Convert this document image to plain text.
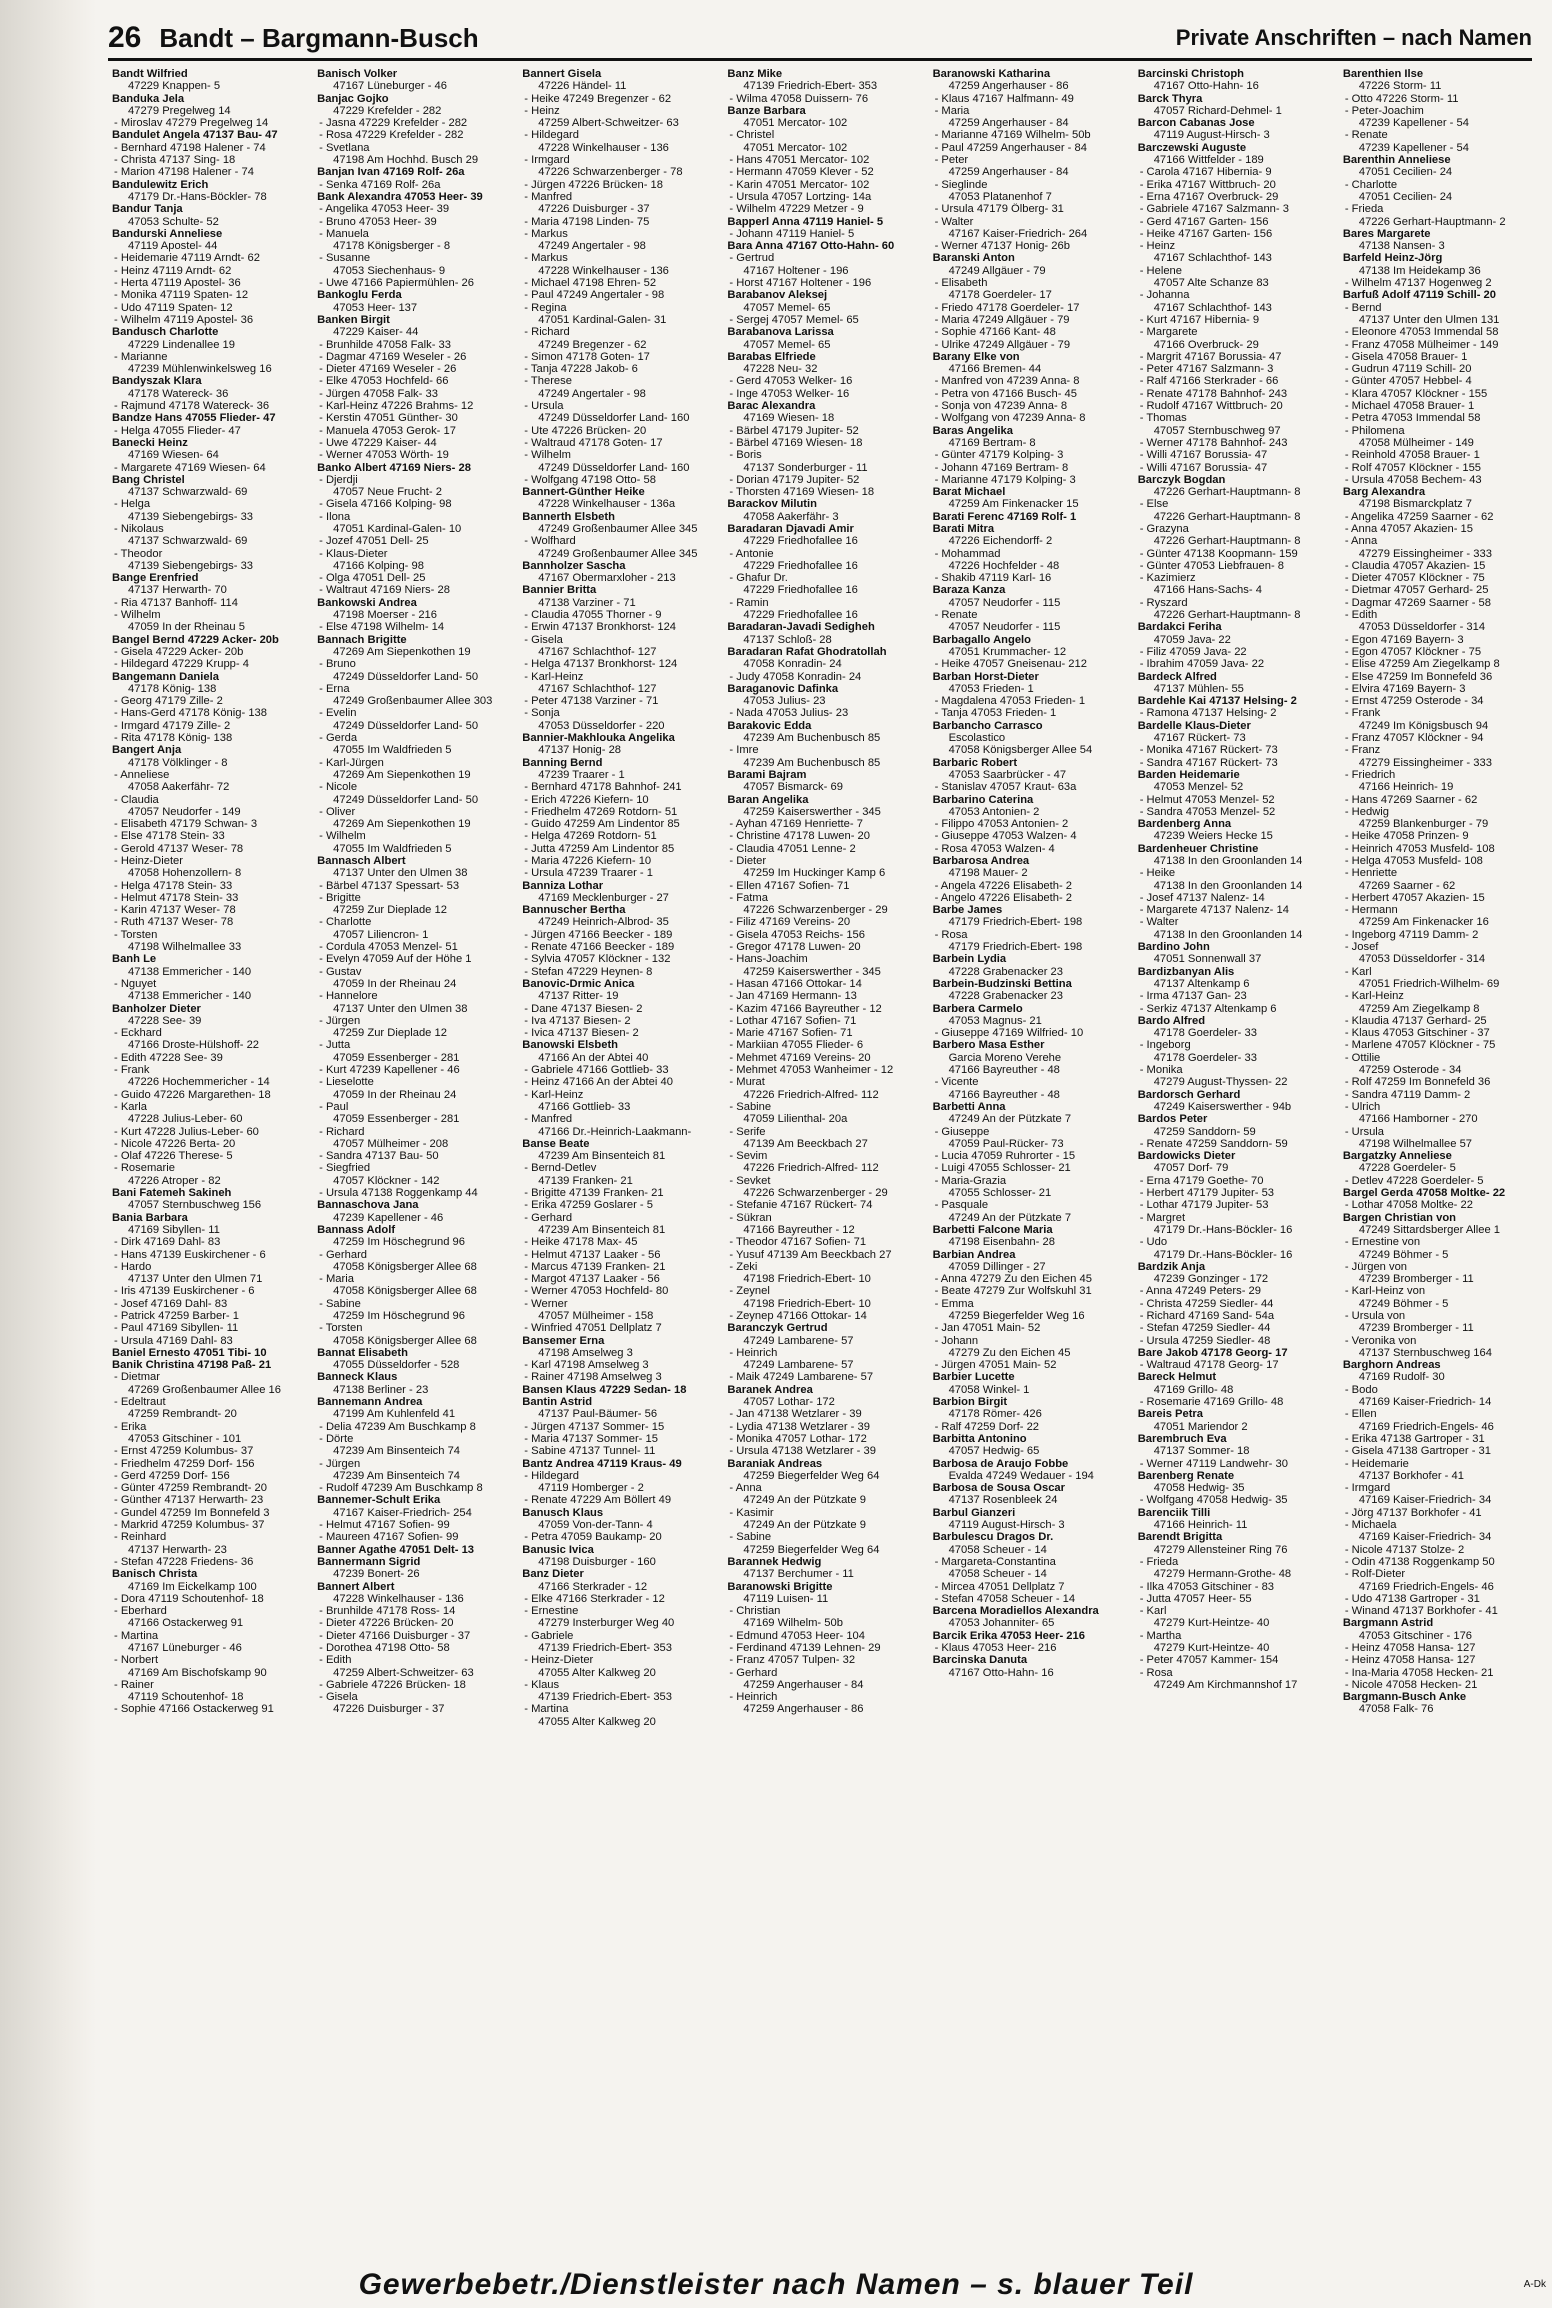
26 Bandt – Bargmann-Busch	Private Anschriften – nach Namen
Bandt Wilfried
47229 Knappen- 5
Banduka Jela
47279 Pregelweg 14
- Miroslav 47279 Pregelweg 14
Bandulet Angela 47137 Bau- 47
- Bernhard 47198 Halener - 74
- Christa 47137 Sing- 18
- Marion 47198 Halener - 74
Bandulewitz Erich
47179 Dr.-Hans-Böckler- 78
Bandur Tanja
47053 Schulte- 52
Bandurski Anneliese
47119 Apostel- 44
- Heidemarie 47119 Arndt- 62
- Heinz 47119 Arndt- 62
- Herta 47119 Apostel- 36
- Monika 47119 Spaten- 12
- Udo 47119 Spaten- 12
- Wilhelm 47119 Apostel- 36
Bandusch Charlotte
47229 Lindenallee 19
- Marianne
47239 Mühlenwinkelsweg 16
Bandyszak Klara
47178 Watereck- 36
- Rajmund 47178 Watereck- 36
Bandze Hans 47055 Flieder- 47
- Helga 47055 Flieder- 47
Banecki Heinz
47169 Wiesen- 64
- Margarete 47169 Wiesen- 64
Bang Christel
47137 Schwarzwald- 69
- Helga
47139 Siebengebirgs- 33
- Nikolaus
47137 Schwarzwald- 69
- Theodor
47139 Siebengebirgs- 33
Bange Erenfried
47137 Herwarth- 70
- Ria 47137 Banhoff- 114
- Wilhelm
47059 In der Rheinau 5
Bangel Bernd 47229 Acker- 20b
- Gisela 47229 Acker- 20b
- Hildegard 47229 Krupp- 4
Bangemann Daniela
47178 König- 138
- Georg 47179 Zille- 2
- Hans-Gerd 47178 König- 138
- Irmgard 47179 Zille- 2
- Rita 47178 König- 138
Bangert Anja
47178 Völklinger - 8
- Anneliese
47058 Aakerfähr- 72
- Claudia
47057 Neudorfer - 149
- Elisabeth 47179 Schwan- 3
- Else 47178 Stein- 33
- Gerold 47137 Weser- 78
- Heinz-Dieter
47058 Hohenzollern- 8
- Helga 47178 Stein- 33
- Helmut 47178 Stein- 33
- Karin 47137 Weser- 78
- Ruth 47137 Weser- 78
- Torsten
47198 Wilhelmallee 33
Banh Le
47138 Emmericher - 140
- Nguyet
47138 Emmericher - 140
Banholzer Dieter
47228 See- 39
- Eckhard
47166 Droste-Hülshoff- 22
- Edith 47228 See- 39
- Frank
47226 Hochemmericher - 14
- Guido 47226 Margarethen- 18
- Karla
47228 Julius-Leber- 60
- Kurt 47228 Julius-Leber- 60
- Nicole 47226 Berta- 20
- Olaf 47226 Therese- 5
- Rosemarie
47226 Atroper - 82
Bani Fatemeh Sakineh
47057 Sternbuschweg 156
Bania Barbara
47169 Sibyllen- 11
- Dirk 47169 Dahl- 83
- Hans 47139 Euskirchener - 6
- Hardo
47137 Unter den Ulmen 71
- Iris 47139 Euskirchener - 6
- Josef 47169 Dahl- 83
- Patrick 47259 Barber- 1
- Paul 47169 Sibyllen- 11
- Ursula 47169 Dahl- 83
Baniel Ernesto 47051 Tibi- 10
Banik Christina 47198 Paß- 21
- Dietmar
47269 Großenbaumer Allee 16
- Edeltraut
47259 Rembrandt- 20
- Erika
47053 Gitschiner - 101
- Ernst 47259 Kolumbus- 37
- Friedhelm 47259 Dorf- 156
- Gerd 47259 Dorf- 156
- Günter 47259 Rembrandt- 20
- Günther 47137 Herwarth- 23
- Gundel 47259 Im Bonnefeld 3
- Markrid 47259 Kolumbus- 37
- Reinhard
47137 Herwarth- 23
- Stefan 47228 Friedens- 36
Banisch Christa
47169 Im Eickelkamp 100
- Dora 47119 Schoutenhof- 18
- Eberhard
47166 Ostackerweg 91
- Martina
47167 Lüneburger - 46
- Norbert
47169 Am Bischofskamp 90
- Rainer
47119 Schoutenhof- 18
- Sophie 47166 Ostackerweg 91
Banisch Volker
47167 Lüneburger - 46
Banjac Gojko
47229 Krefelder - 282
- Jasna 47229 Krefelder - 282
- Rosa 47229 Krefelder - 282
- Svetlana
47198 Am Hochhd. Busch 29
Banjan Ivan 47169 Rolf- 26a
- Senka 47169 Rolf- 26a
Bank Alexandra 47053 Heer- 39
- Angelika 47053 Heer- 39
- Bruno 47053 Heer- 39
- Manuela
47178 Königsberger - 8
- Susanne
47053 Siechenhaus- 9
- Uwe 47166 Papiermühlen- 26
Bankoglu Ferda
47053 Heer- 137
Banken Birgit
47229 Kaiser- 44
- Brunhilde 47058 Falk- 33
- Dagmar 47169 Weseler - 26
- Dieter 47169 Weseler - 26
- Elke 47053 Hochfeld- 66
- Jürgen 47058 Falk- 33
- Karl-Heinz 47226 Brahms- 12
- Kerstin 47051 Günther- 30
- Manuela 47053 Gerok- 17
- Uwe 47229 Kaiser- 44
- Werner 47053 Wörth- 19
Banko Albert 47169 Niers- 28
- Djerdji
47057 Neue Frucht- 2
- Gisela 47166 Kolping- 98
- Ilona
47051 Kardinal-Galen- 10
- Jozef 47051 Dell- 25
- Klaus-Dieter
47166 Kolping- 98
- Olga 47051 Dell- 25
- Waltraut 47169 Niers- 28
Bankowski Andrea
47198 Moerser - 216
- Else 47198 Wilhelm- 14
Bannach Brigitte
47269 Am Siepenkothen 19
- Bruno
47249 Düsseldorfer Land- 50
- Erna
47249 Großenbaumer Allee 303
- Evelin
47249 Düsseldorfer Land- 50
- Gerda
47055 Im Waldfrieden 5
- Karl-Jürgen
47269 Am Siepenkothen 19
- Nicole
47249 Düsseldorfer Land- 50
- Oliver
47269 Am Siepenkothen 19
- Wilhelm
47055 Im Waldfrieden 5
Bannasch Albert
47137 Unter den Ulmen 38
- Bärbel 47137 Spessart- 53
- Brigitte
47259 Zur Dieplade 12
- Charlotte
47057 Liliencron- 1
- Cordula 47053 Menzel- 51
- Evelyn 47059 Auf der Höhe 1
- Gustav
47059 In der Rheinau 24
- Hannelore
47137 Unter den Ulmen 38
- Jürgen
47259 Zur Dieplade 12
- Jutta
47059 Essenberger - 281
- Kurt 47239 Kapellener - 46
- Lieselotte
47059 In der Rheinau 24
- Paul
47059 Essenberger - 281
- Richard
47057 Mülheimer - 208
- Sandra 47137 Bau- 50
- Siegfried
47057 Klöckner - 142
- Ursula 47138 Roggenkamp 44
Bannaschova Jana
47239 Kapellener - 46
Bannass Adolf
47259 Im Höschegrund 96
- Gerhard
47058 Königsberger Allee 68
- Maria
47058 Königsberger Allee 68
- Sabine
47259 Im Höschegrund 96
- Torsten
47058 Königsberger Allee 68
Bannat Elisabeth
47055 Düsseldorfer - 528
Banneck Klaus
47138 Berliner - 23
Bannemann Andrea
47199 Am Kuhlenfeld 41
- Delia 47239 Am Buschkamp 8
- Dörte
47239 Am Binsenteich 74
- Jürgen
47239 Am Binsenteich 74
- Rudolf 47239 Am Buschkamp 8
Bannemer-Schult Erika
47167 Kaiser-Friedrich- 254
- Helmut 47167 Sofien- 99
- Maureen 47167 Sofien- 99
Banner Agathe 47051 Delt- 13
Bannermann Sigrid
47239 Bonert- 26
Bannert Albert
47228 Winkelhauser - 136
- Brunhilde 47178 Ross- 14
- Dieter 47226 Brücken- 20
- Dieter 47166 Duisburger - 37
- Dorothea 47198 Otto- 58
- Edith
47259 Albert-Schweitzer- 63
- Gabriele 47226 Brücken- 18
- Gisela
47226 Duisburger - 37
Bannert Gisela
47226 Händel- 11
- Heike 47249 Bregenzer - 62
- Heinz
47259 Albert-Schweitzer- 63
- Hildegard
47228 Winkelhauser - 136
- Irmgard
47226 Schwarzenberger - 78
- Jürgen 47226 Brücken- 18
- Manfred
47226 Duisburger - 37
- Maria 47198 Linden- 75
- Markus
47249 Angertaler - 98
- Markus
47228 Winkelhauser - 136
- Michael 47198 Ehren- 52
- Paul 47249 Angertaler - 98
- Regina
47051 Kardinal-Galen- 31
- Richard
47249 Bregenzer - 62
- Simon 47178 Goten- 17
- Tanja 47228 Jakob- 6
- Therese
47249 Angertaler - 98
- Ursula
47249 Düsseldorfer Land- 160
- Ute 47226 Brücken- 20
- Waltraud 47178 Goten- 17
- Wilhelm
47249 Düsseldorfer Land- 160
- Wolfgang 47198 Otto- 58
Bannert-Günther Heike
47228 Winkelhauser - 136a
Bannerth Elsbeth
47249 Großenbaumer Allee 345
- Wolfhard
47249 Großenbaumer Allee 345
Bannholzer Sascha
47167 Obermarxloher - 213
Bannier Britta
47138 Varziner - 71
- Claudia 47055 Thorner - 9
- Erwin 47137 Bronkhorst- 124
- Gisela
47167 Schlachthof- 127
- Helga 47137 Bronkhorst- 124
- Karl-Heinz
47167 Schlachthof- 127
- Peter 47138 Varziner - 71
- Sonja
47053 Düsseldorfer - 220
Bannier-Makhlouka Angelika
47137 Honig- 28
Banning Bernd
47239 Traarer - 1
- Bernhard 47178 Bahnhof- 241
- Erich 47226 Kiefern- 10
- Friedhelm 47269 Rotdorn- 51
- Guido 47259 Am Lindentor 85
- Helga 47269 Rotdorn- 51
- Jutta 47259 Am Lindentor 85
- Maria 47226 Kiefern- 10
- Ursula 47239 Traarer - 1
Banniza Lothar
47169 Mecklenburger - 27
Bannuscher Bertha
47249 Heinrich-Albrod- 35
- Jürgen 47166 Beecker - 189
- Renate 47166 Beecker - 189
- Sylvia 47057 Klöckner - 132
- Stefan 47229 Heynen- 8
Banovic-Drmic Anica
47137 Ritter- 19
- Dane 47137 Biesen- 2
- Iva 47137 Biesen- 2
- Ivica 47137 Biesen- 2
Banowski Elsbeth
47166 An der Abtei 40
- Gabriele 47166 Gottlieb- 33
- Heinz 47166 An der Abtei 40
- Karl-Heinz
47166 Gottlieb- 33
- Manfred
47166 Dr.-Heinrich-Laakmann-
Banse Beate
47239 Am Binsenteich 81
- Bernd-Detlev
47139 Franken- 21
- Brigitte 47139 Franken- 21
- Erika 47259 Goslarer - 5
- Gerhard
47239 Am Binsenteich 81
- Heike 47178 Max- 45
- Helmut 47137 Laaker - 56
- Marcus 47139 Franken- 21
- Margot 47137 Laaker - 56
- Werner 47053 Hochfeld- 80
- Werner
47057 Mülheimer - 158
- Winfried 47051 Dellplatz 7
Bansemer Erna
47198 Amselweg 3
- Karl 47198 Amselweg 3
- Rainer 47198 Amselweg 3
Bansen Klaus 47229 Sedan- 18
Bantin Astrid
47137 Paul-Bäumer- 56
- Jürgen 47137 Sommer- 15
- Maria 47137 Sommer- 15
- Sabine 47137 Tunnel- 11
Bantz Andrea 47119 Kraus- 49
- Hildegard
47119 Homberger - 2
- Renate 47229 Am Böllert 49
Banusch Klaus
47059 Von-der-Tann- 4
- Petra 47059 Baukamp- 20
Banusic Ivica
47198 Duisburger - 160
Banz Dieter
47166 Sterkrader - 12
- Elke 47166 Sterkrader - 12
- Ernestine
47279 Insterburger Weg 40
- Gabriele
47139 Friedrich-Ebert- 353
- Heinz-Dieter
47055 Alter Kalkweg 20
- Klaus
47139 Friedrich-Ebert- 353
- Martina
47055 Alter Kalkweg 20
Banz Mike
47139 Friedrich-Ebert- 353
- Wilma 47058 Duissern- 76
Banze Barbara
47051 Mercator- 102
- Christel
47051 Mercator- 102
- Hans 47051 Mercator- 102
- Hermann 47059 Klever - 52
- Karin 47051 Mercator- 102
- Ursula 47057 Lortzing- 14a
- Wilhelm 47229 Metzer - 9
Bapperl Anna 47119 Haniel- 5
- Johann 47119 Haniel- 5
Bara Anna 47167 Otto-Hahn- 60
- Gertrud
47167 Holtener - 196
- Horst 47167 Holtener - 196
Barabanov Aleksej
47057 Memel- 65
- Sergej 47057 Memel- 65
Barabanova Larissa
47057 Memel- 65
Barabas Elfriede
47228 Neu- 32
- Gerd 47053 Welker- 16
- Inge 47053 Welker- 16
Barac Alexandra
47169 Wiesen- 18
- Bärbel 47179 Jupiter- 52
- Bärbel 47169 Wiesen- 18
- Boris
47137 Sonderburger - 11
- Dorian 47179 Jupiter- 52
- Thorsten 47169 Wiesen- 18
Barackov Milutin
47058 Aakerfähr- 3
Baradaran Djavadi Amir
47229 Friedhofallee 16
- Antonie
47229 Friedhofallee 16
- Ghafur Dr.
47229 Friedhofallee 16
- Ramin
47229 Friedhofallee 16
Baradaran-Javadi Sedigheh
47137 Schloß- 28
Baradaran Rafat Ghodratollah
47058 Konradin- 24
- Judy 47058 Konradin- 24
Baraganovic Dafinka
47053 Julius- 23
- Nada 47053 Julius- 23
Barakovic Edda
47239 Am Buchenbusch 85
- Imre
47239 Am Buchenbusch 85
Barami Bajram
47057 Bismarck- 69
Baran Angelika
47259 Kaiserswerther - 345
- Ayhan 47169 Henriette- 7
- Christine 47178 Luwen- 20
- Claudia 47051 Lenne- 2
- Dieter
47259 Im Huckinger Kamp 6
- Ellen 47167 Sofien- 71
- Fatma
47226 Schwarzenberger - 29
- Filiz 47169 Vereins- 20
- Gisela 47053 Reichs- 156
- Gregor 47178 Luwen- 20
- Hans-Joachim
47259 Kaiserswerther - 345
- Hasan 47166 Ottokar- 14
- Jan 47169 Hermann- 13
- Kazim 47166 Bayreuther - 12
- Lothar 47167 Sofien- 71
- Marie 47167 Sofien- 71
- Markiian 47055 Flieder- 6
- Mehmet 47169 Vereins- 20
- Mehmet 47053 Wanheimer - 12
- Murat
47226 Friedrich-Alfred- 112
- Sabine
47059 Lilienthal- 20a
- Serife
47139 Am Beeckbach 27
- Sevim
47226 Friedrich-Alfred- 112
- Sevket
47226 Schwarzenberger - 29
- Stefanie 47167 Rückert- 74
- Sükran
47166 Bayreuther - 12
- Theodor 47167 Sofien- 71
- Yusuf 47139 Am Beeckbach 27
- Zeki
47198 Friedrich-Ebert- 10
- Zeynel
47198 Friedrich-Ebert- 10
- Zeynep 47166 Ottokar- 14
Baranczyk Gertrud
47249 Lambarene- 57
- Heinrich
47249 Lambarene- 57
- Maik 47249 Lambarene- 57
Baranek Andrea
47057 Lothar- 172
- Jan 47138 Wetzlarer - 39
- Lydia 47138 Wetzlarer - 39
- Monika 47057 Lothar- 172
- Ursula 47138 Wetzlarer - 39
Baraniak Andreas
47259 Biegerfelder Weg 64
- Anna
47249 An der Pützkate 9
- Kasimir
47249 An der Pützkate 9
- Sabine
47259 Biegerfelder Weg 64
Barannek Hedwig
47137 Berchumer - 11
Baranowski Brigitte
47119 Luisen- 11
- Christian
47169 Wilhelm- 50b
- Edmund 47053 Heer- 104
- Ferdinand 47139 Lehnen- 29
- Franz 47057 Tulpen- 32
- Gerhard
47259 Angerhauser - 84
- Heinrich
47259 Angerhauser - 86
Baranowski Katharina
47259 Angerhauser - 86
- Klaus 47167 Halfmann- 49
- Maria
47259 Angerhauser - 84
- Marianne 47169 Wilhelm- 50b
- Paul 47259 Angerhauser - 84
- Peter
47259 Angerhauser - 84
- Sieglinde
47053 Platanenhof 7
- Ursula 47179 Ölberg- 31
- Walter
47167 Kaiser-Friedrich- 264
- Werner 47137 Honig- 26b
Baranski Anton
47249 Allgäuer - 79
- Elisabeth
47178 Goerdeler- 17
- Friedo 47178 Goerdeler- 17
- Maria 47249 Allgäuer - 79
- Sophie 47166 Kant- 48
- Ulrike 47249 Allgäuer - 79
Barany Elke von
47166 Bremen- 44
- Manfred von 47239 Anna- 8
- Petra von 47166 Busch- 45
- Sonja von 47239 Anna- 8
- Wolfgang von 47239 Anna- 8
Baras Angelika
47169 Bertram- 8
- Günter 47179 Kolping- 3
- Johann 47169 Bertram- 8
- Marianne 47179 Kolping- 3
Barat Michael
47259 Am Finkenacker 15
Barati Ferenc 47169 Rolf- 1
Barati Mitra
47226 Eichendorff- 2
- Mohammad
47226 Hochfelder - 48
- Shakib 47119 Karl- 16
Baraza Kanza
47057 Neudorfer - 115
- Renate
47057 Neudorfer - 115
Barbagallo Angelo
47051 Krummacher- 12
- Heike 47057 Gneisenau- 212
Barban Horst-Dieter
47053 Frieden- 1
- Magdalena 47053 Frieden- 1
- Tanja 47053 Frieden- 1
Barbancho Carrasco
Escolastico
47058 Königsberger Allee 54
Barbaric Robert
47053 Saarbrücker - 47
- Stanislav 47057 Kraut- 63a
Barbarino Caterina
47053 Antonien- 2
- Filippo 47053 Antonien- 2
- Giuseppe 47053 Walzen- 4
- Rosa 47053 Walzen- 4
Barbarosa Andrea
47198 Mauer- 2
- Angela 47226 Elisabeth- 2
- Angelo 47226 Elisabeth- 2
Barbe James
47179 Friedrich-Ebert- 198
- Rosa
47179 Friedrich-Ebert- 198
Barbein Lydia
47228 Grabenacker 23
Barbein-Budzinski Bettina
47228 Grabenacker 23
Barbera Carmelo
47053 Magnus- 21
- Giuseppe 47169 Wilfried- 10
Barbero Masa Esther
Garcia Moreno Verehe
47166 Bayreuther - 48
- Vicente
47166 Bayreuther - 48
Barbetti Anna
47249 An der Pützkate 7
- Giuseppe
47059 Paul-Rücker- 73
- Lucia 47059 Ruhrorter - 15
- Luigi 47055 Schlosser- 21
- Maria-Grazia
47055 Schlosser- 21
- Pasquale
47249 An der Pützkate 7
Barbetti Falcone Maria
47198 Eisenbahn- 28
Barbian Andrea
47059 Dillinger - 27
- Anna 47279 Zu den Eichen 45
- Beate 47279 Zur Wolfskuhl 31
- Emma
47259 Biegerfelder Weg 16
- Jan 47051 Main- 52
- Johann
47279 Zu den Eichen 45
- Jürgen 47051 Main- 52
Barbier Lucette
47058 Winkel- 1
Barbion Birgit
47178 Römer- 426
- Ralf 47259 Dorf- 22
Barbitta Antonino
47057 Hedwig- 65
Barbosa de Araujo Fobbe
Evalda 47249 Wedauer - 194
Barbosa de Sousa Oscar
47137 Rosenbleek 24
Barbul Gianzeri
47119 August-Hirsch- 3
Barbulescu Dragos Dr.
47058 Scheuer - 14
- Margareta-Constantina
47058 Scheuer - 14
- Mircea 47051 Dellplatz 7
- Stefan 47058 Scheuer - 14
Barcena Moradiellos Alexandra
47053 Johanniter- 65
Barcik Erika 47053 Heer- 216
- Klaus 47053 Heer- 216
Barcinska Danuta
47167 Otto-Hahn- 16
Barcinski Christoph
47167 Otto-Hahn- 16
Barck Thyra
47057 Richard-Dehmel- 1
Barcon Cabanas Jose
47119 August-Hirsch- 3
Barczewski Auguste
47166 Wittfelder - 189
- Carola 47167 Hibernia- 9
- Erika 47167 Wittbruch- 20
- Erna 47167 Overbruck- 29
- Gabriele 47167 Salzmann- 3
- Gerd 47167 Garten- 156
- Heike 47167 Garten- 156
- Heinz
47167 Schlachthof- 143
- Helene
47057 Alte Schanze 83
- Johanna
47167 Schlachthof- 143
- Kurt 47167 Hibernia- 9
- Margarete
47166 Overbruck- 29
- Margrit 47167 Borussia- 47
- Peter 47167 Salzmann- 3
- Ralf 47166 Sterkrader - 66
- Renate 47178 Bahnhof- 243
- Rudolf 47167 Wittbruch- 20
- Thomas
47057 Sternbuschweg 97
- Werner 47178 Bahnhof- 243
- Willi 47167 Borussia- 47
- Willi 47167 Borussia- 47
Barczyk Bogdan
47226 Gerhart-Hauptmann- 8
- Else
47226 Gerhart-Hauptmann- 8
- Grazyna
47226 Gerhart-Hauptmann- 8
- Günter 47138 Koopmann- 159
- Günter 47053 Liebfrauen- 8
- Kazimierz
47166 Hans-Sachs- 4
- Ryszard
47226 Gerhart-Hauptmann- 8
Bardakci Feriha
47059 Java- 22
- Filiz 47059 Java- 22
- Ibrahim 47059 Java- 22
Bardeck Alfred
47137 Mühlen- 55
Bardehle Kai 47137 Helsing- 2
- Ramona 47137 Helsing- 2
Bardelle Klaus-Dieter
47167 Rückert- 73
- Monika 47167 Rückert- 73
- Sandra 47167 Rückert- 73
Barden Heidemarie
47053 Menzel- 52
- Helmut 47053 Menzel- 52
- Sandra 47053 Menzel- 52
Bardenberg Anna
47239 Weiers Hecke 15
Bardenheuer Christine
47138 In den Groonlanden 14
- Heike
47138 In den Groonlanden 14
- Josef 47137 Nalenz- 14
- Margarete 47137 Nalenz- 14
- Walter
47138 In den Groonlanden 14
Bardino John
47051 Sonnenwall 37
Bardizbanyan Alis
47137 Altenkamp 6
- Irma 47137 Gan- 23
- Serkiz 47137 Altenkamp 6
Bardo Alfred
47178 Goerdeler- 33
- Ingeborg
47178 Goerdeler- 33
- Monika
47279 August-Thyssen- 22
Bardorsch Gerhard
47249 Kaiserswerther - 94b
Bardos Peter
47259 Sanddorn- 59
- Renate 47259 Sanddorn- 59
Bardowicks Dieter
47057 Dorf- 79
- Erna 47179 Goethe- 70
- Herbert 47179 Jupiter- 53
- Lothar 47179 Jupiter- 53
- Margret
47179 Dr.-Hans-Böckler- 16
- Udo
47179 Dr.-Hans-Böckler- 16
Bardzik Anja
47239 Gonzinger - 172
- Anna 47249 Peters- 29
- Christa 47259 Siedler- 44
- Richard 47169 Sand- 54a
- Stefan 47259 Siedler- 44
- Ursula 47259 Siedler- 48
Bare Jakob 47178 Georg- 17
- Waltraud 47178 Georg- 17
Bareck Helmut
47169 Grillo- 48
- Rosemarie 47169 Grillo- 48
Bareis Petra
47051 Mariendor 2
Barembruch Eva
47137 Sommer- 18
- Werner 47119 Landwehr- 30
Barenberg Renate
47058 Hedwig- 35
- Wolfgang 47058 Hedwig- 35
Barenciik Tilli
47166 Heinrich- 11
Barendt Brigitta
47279 Allensteiner Ring 76
- Frieda
47279 Hermann-Grothe- 48
- Ilka 47053 Gitschiner - 83
- Jutta 47057 Heer- 55
- Karl
47279 Kurt-Heintze- 40
- Martha
47279 Kurt-Heintze- 40
- Peter 47057 Kammer- 154
- Rosa
47249 Am Kirchmannshof 17
Barenthien Ilse
47226 Storm- 11
- Otto 47226 Storm- 11
- Peter-Joachim
47239 Kapellener - 54
- Renate
47239 Kapellener - 54
Barenthin Anneliese
47051 Cecilien- 24
- Charlotte
47051 Cecilien- 24
- Frieda
47226 Gerhart-Hauptmann- 2
Bares Margarete
47138 Nansen- 3
Barfeld Heinz-Jörg
47138 Im Heidekamp 36
- Wilhelm 47137 Hogenweg 2
Barfuß Adolf 47119 Schill- 20
- Bernd
47137 Unter den Ulmen 131
- Eleonore 47053 Immendal 58
- Franz 47058 Mülheimer - 149
- Gisela 47058 Brauer- 1
- Gudrun 47119 Schill- 20
- Günter 47057 Hebbel- 4
- Klara 47057 Klöckner - 155
- Michael 47058 Brauer- 1
- Petra 47053 Immendal 58
- Philomena
47058 Mülheimer - 149
- Reinhold 47058 Brauer- 1
- Rolf 47057 Klöckner - 155
- Ursula 47058 Bechem- 43
Barg Alexandra
47198 Bismarckplatz 7
- Angelika 47259 Saarner - 62
- Anna 47057 Akazien- 15
- Anna
47279 Eissingheimer - 333
- Claudia 47057 Akazien- 15
- Dieter 47057 Klöckner - 75
- Dietmar 47057 Gerhard- 25
- Dagmar 47269 Saarner - 58
- Edith
47053 Düsseldorfer - 314
- Egon 47169 Bayern- 3
- Egon 47057 Klöckner - 75
- Elise 47259 Am Ziegelkamp 8
- Else 47259 Im Bonnefeld 36
- Elvira 47169 Bayern- 3
- Ernst 47259 Osterode - 34
- Frank
47249 Im Königsbusch 94
- Franz 47057 Klöckner - 94
- Franz
47279 Eissingheimer - 333
- Friedrich
47166 Heinrich- 19
- Hans 47269 Saarner - 62
- Hedwig
47259 Blankenburger - 79
- Heike 47058 Prinzen- 9
- Heinrich 47053 Musfeld- 108
- Helga 47053 Musfeld- 108
- Henriette
47269 Saarner - 62
- Herbert 47057 Akazien- 15
- Hermann
47259 Am Finkenacker 16
- Ingeborg 47119 Damm- 2
- Josef
47053 Düsseldorfer - 314
- Karl
47051 Friedrich-Wilhelm- 69
- Karl-Heinz
47259 Am Ziegelkamp 8
- Klaudia 47137 Gerhard- 25
- Klaus 47053 Gitschiner - 37
- Marlene 47057 Klöckner - 75
- Ottilie
47259 Osterode - 34
- Rolf 47259 Im Bonnefeld 36
- Sandra 47119 Damm- 2
- Ulrich
47166 Hamborner - 270
- Ursula
47198 Wilhelmallee 57
Bargatzky Anneliese
47228 Goerdeler- 5
- Detlev 47228 Goerdeler- 5
Bargel Gerda 47058 Moltke- 22
- Lothar 47058 Moltke- 22
Bargen Christian von
47249 Sittardsberger Allee 1
- Ernestine von
47249 Böhmer - 5
- Jürgen von
47239 Bromberger - 11
- Karl-Heinz von
47249 Böhmer - 5
- Ursula von
47239 Bromberger - 11
- Veronika von
47137 Sternbuschweg 164
Barghorn Andreas
47169 Rudolf- 30
- Bodo
47169 Kaiser-Friedrich- 14
- Ellen
47169 Friedrich-Engels- 46
- Erika 47138 Gartroper - 31
- Gisela 47138 Gartroper - 31
- Heidemarie
47137 Borkhofer - 41
- Irmgard
47169 Kaiser-Friedrich- 34
- Jörg 47137 Borkhofer - 41
- Michaela
47169 Kaiser-Friedrich- 34
- Nicole 47137 Stolze- 2
- Odin 47138 Roggenkamp 50
- Rolf-Dieter
47169 Friedrich-Engels- 46
- Udo 47138 Gartroper - 31
- Winand 47137 Borkhofer - 41
Bargmann Astrid
47053 Gitschiner - 176
- Heinz 47058 Hansa- 127
- Heinz 47058 Hansa- 127
- Ina-Maria 47058 Hecken- 21
- Nicole 47058 Hecken- 21
Bargmann-Busch Anke
47058 Falk- 76
Gewerbebetr./Dienstleister nach Namen – s. blauer Teil	A-Dk
